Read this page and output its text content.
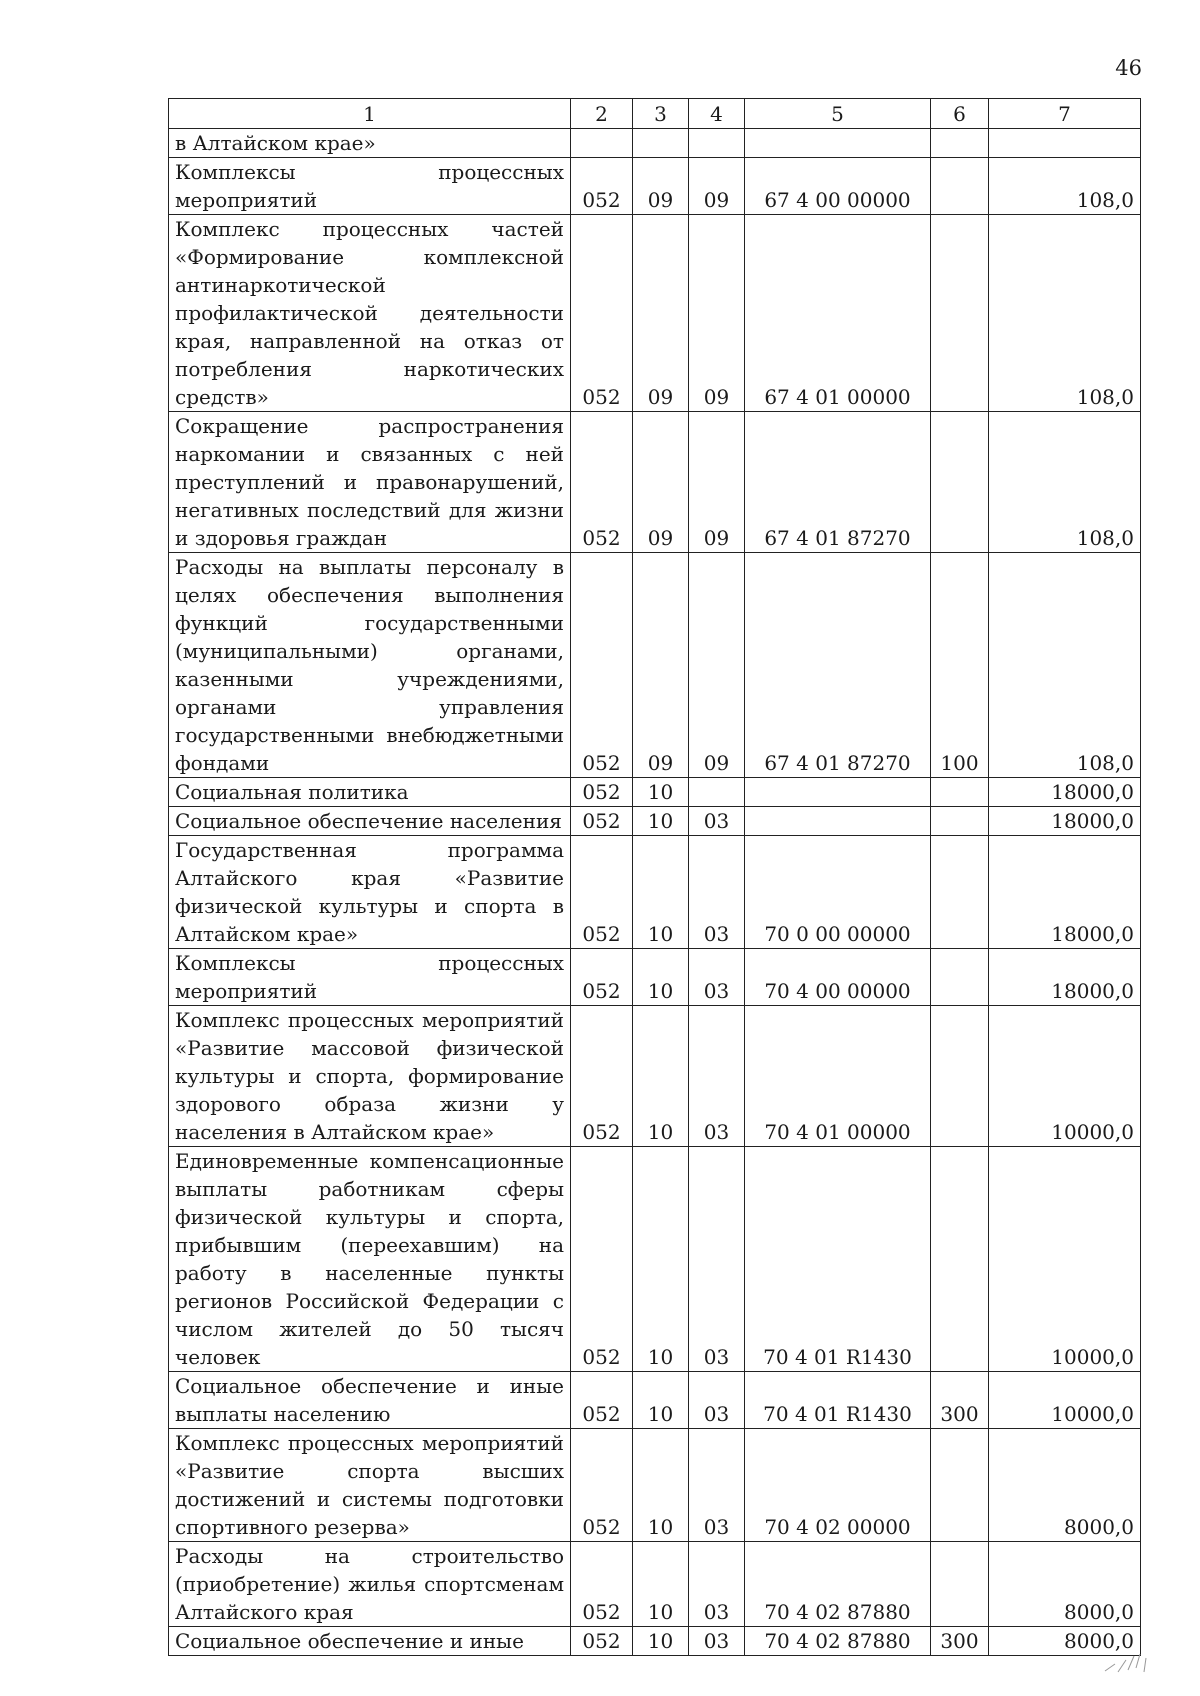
46
1	2	3	4	5	6	7
в Алтайском крае»						
Комплексы процессных мероприятий	052	09	09	67 4 00 00000		108,0
Комплекс процессных частей «Формирование комплексной антинаркотической профилактической деятельности края, направленной на отказ от потребления наркотических средств»	052	09	09	67 4 01 00000		108,0
Сокращение распространения наркомании и связанных с ней преступлений и правонарушений, негативных последствий для жизни и здоровья граждан	052	09	09	67 4 01 87270		108,0
Расходы на выплаты персоналу в целях обеспечения выполнения функций государственными (муниципальными) органами, казенными учреждениями, органами управления государственными внебюджетными фондами	052	09	09	67 4 01 87270	100	108,0
Социальная политика	052	10				18000,0
Социальное обеспечение населения	052	10	03			18000,0
Государственная программа Алтайского края «Развитие физической культуры и спорта в Алтайском крае»	052	10	03	70 0 00 00000		18000,0
Комплексы процессных мероприятий	052	10	03	70 4 00 00000		18000,0
Комплекс процессных мероприятий «Развитие массовой физической культуры и спорта, формирование здорового образа жизни у населения в Алтайском крае»	052	10	03	70 4 01 00000		10000,0
Единовременные компенсационные выплаты работникам сферы физической культуры и спорта, прибывшим (переехавшим) на работу в населенные пункты регионов Российской Федерации с числом жителей до 50 тысяч человек	052	10	03	70 4 01 R1430		10000,0
Социальное обеспечение и иные выплаты населению	052	10	03	70 4 01 R1430	300	10000,0
Комплекс процессных мероприятий «Развитие спорта высших достижений и системы подготовки спортивного резерва»	052	10	03	70 4 02 00000		8000,0
Расходы на строительство (приобретение) жилья спортсменам Алтайского края	052	10	03	70 4 02 87880		8000,0
Социальное обеспечение и иные	052	10	03	70 4 02 87880	300	8000,0
